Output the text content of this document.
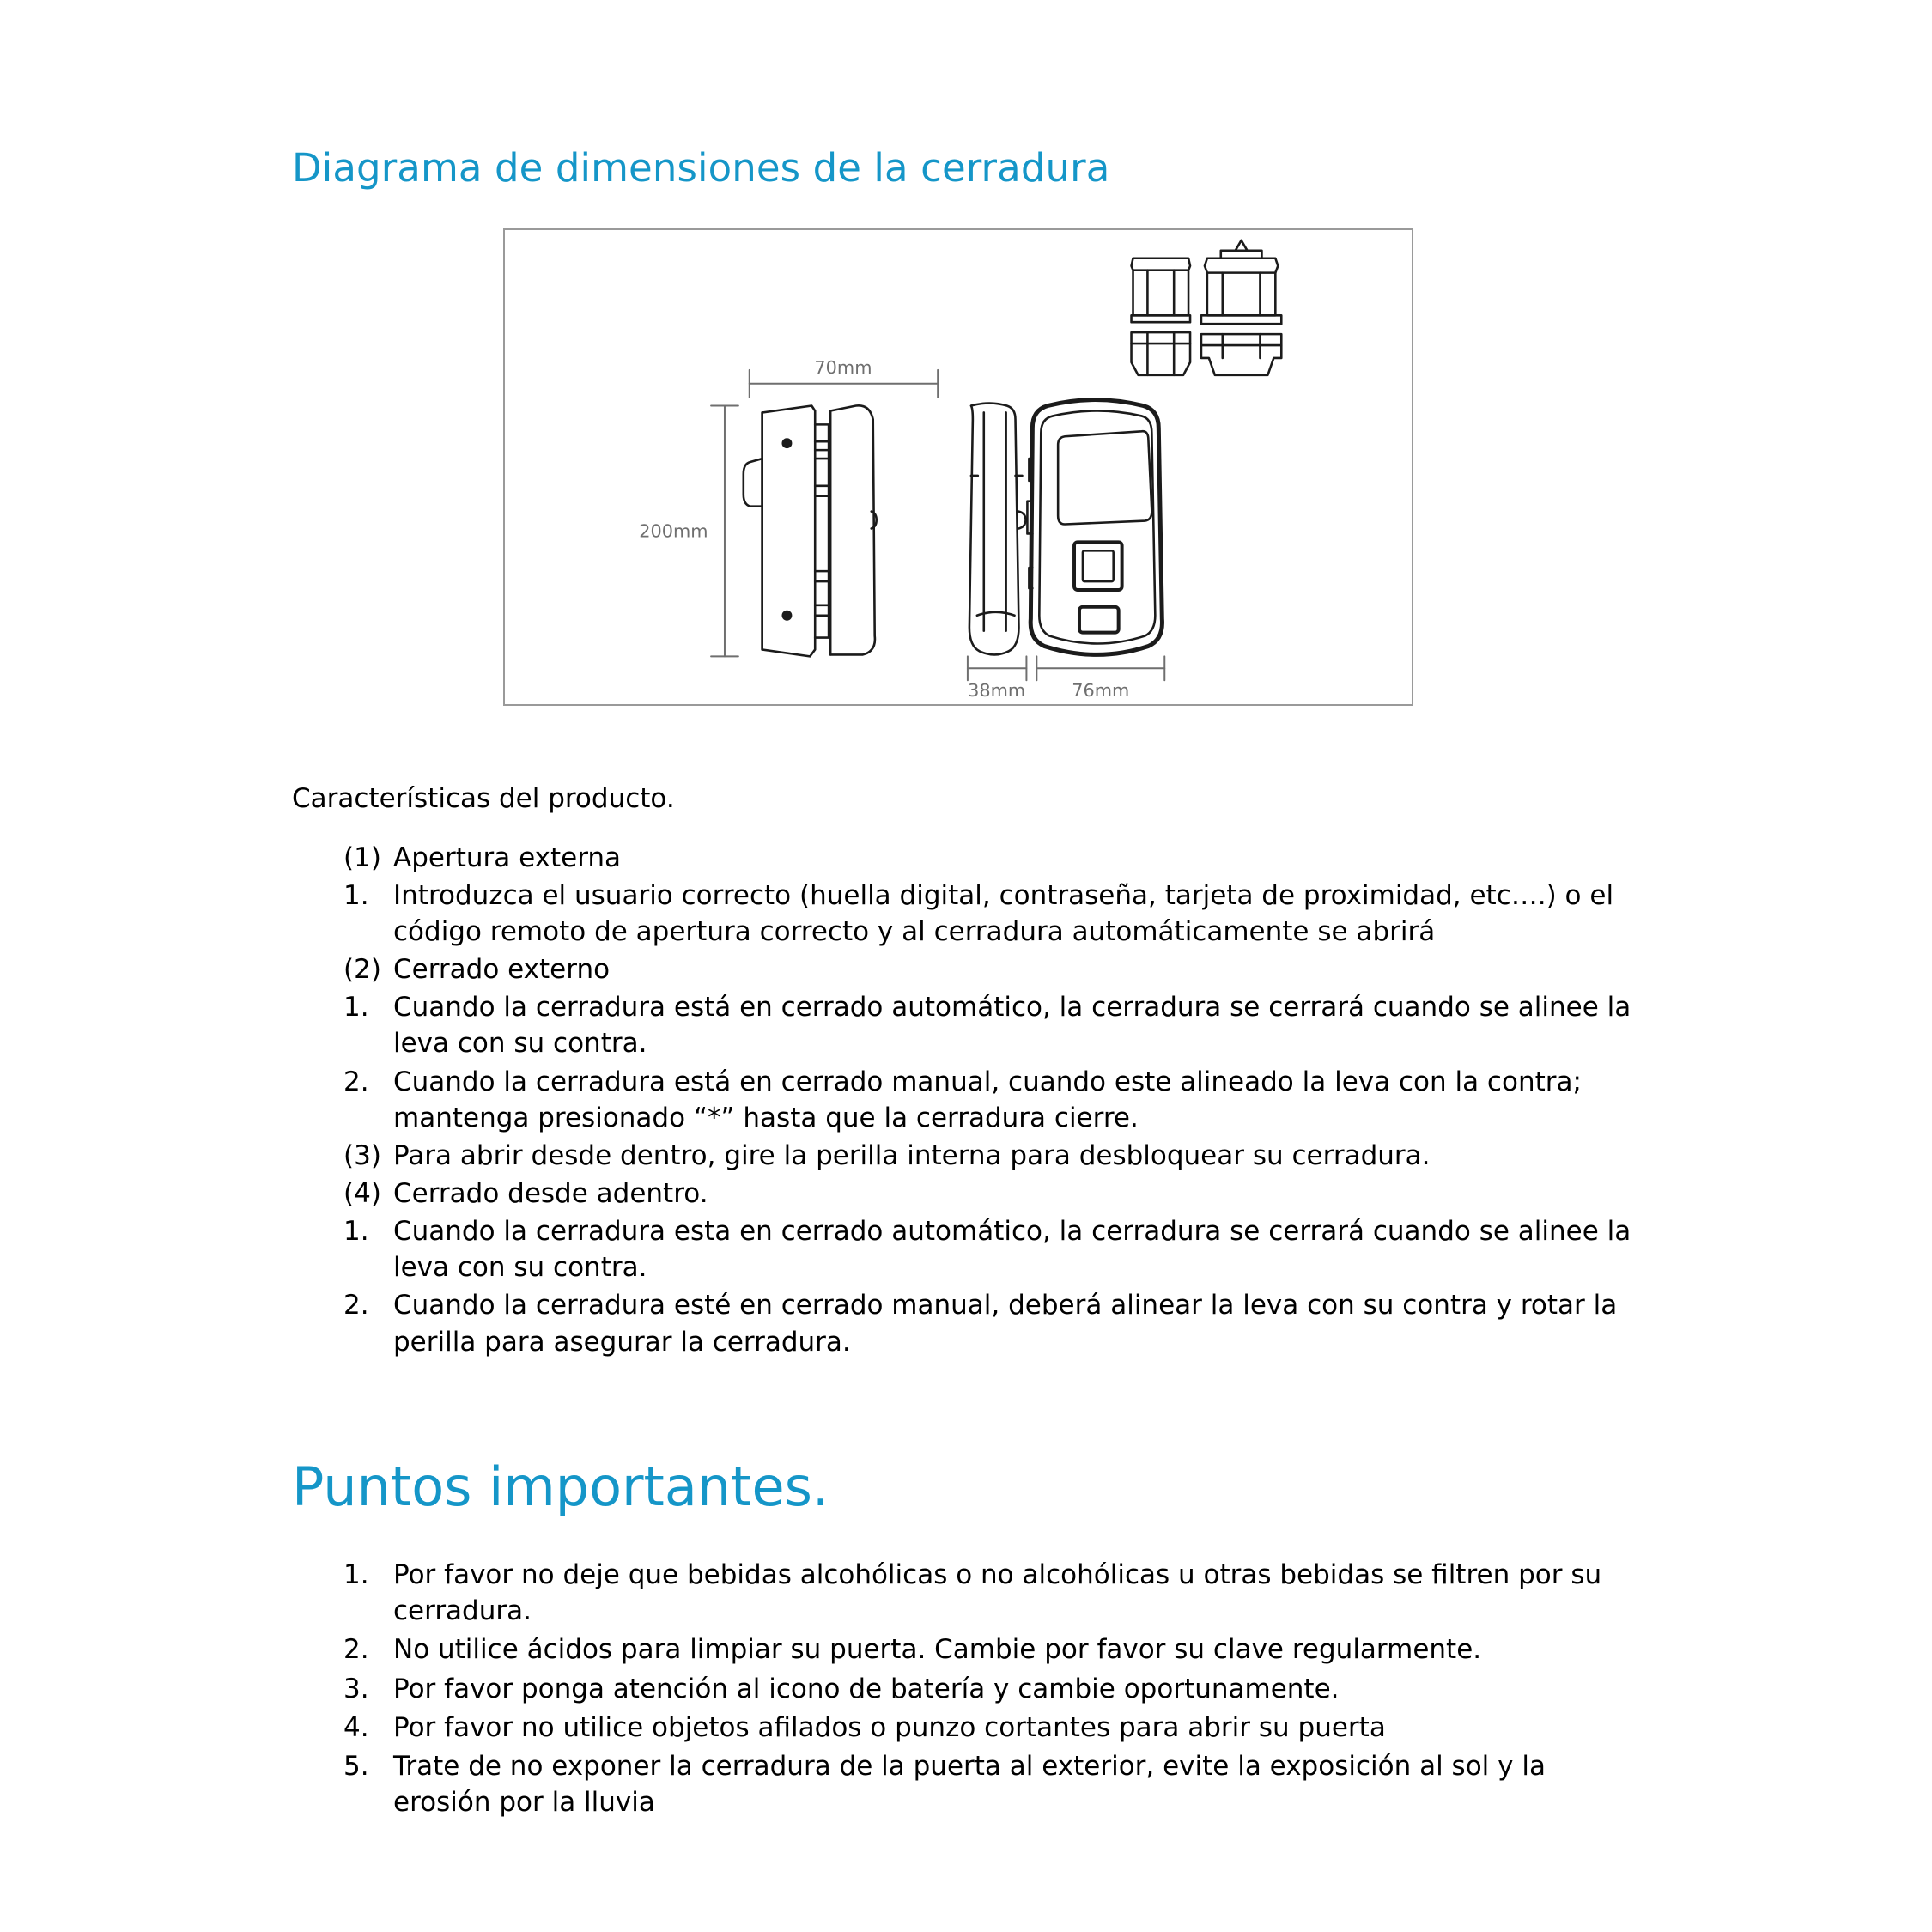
Diagrama de dimensiones de la cerradura
70mm
200mm
38mm	76mm

Características del producto.

(1) Apertura externa
1. Introduzca el usuario correcto (huella digital, contraseña, tarjeta de proximidad, etc….) o el código remoto de apertura correcto y al cerradura automáticamente se abrirá
(2) Cerrado externo
1. Cuando la cerradura está en cerrado automático, la cerradura se cerrará cuando se alinee la leva con su contra.
2. Cuando la cerradura está en cerrado manual, cuando este alineado la leva con la contra; mantenga presionado “*” hasta que la cerradura cierre.
(3) Para abrir desde dentro, gire la perilla interna para desbloquear su cerradura.
(4) Cerrado desde adentro.
1. Cuando la cerradura esta en cerrado automático, la cerradura se cerrará cuando se alinee la leva con su contra.
2. Cuando la cerradura esté en cerrado manual, deberá alinear la leva con su contra y rotar la perilla para asegurar la cerradura.
Puntos importantes.
1. Por favor no deje que bebidas alcohólicas o no alcohólicas u otras bebidas se filtren por su cerradura.
2. No utilice ácidos para limpiar su puerta. Cambie por favor su clave regularmente.
3. Por favor ponga atención al icono de batería y cambie oportunamente.
4. Por favor no utilice objetos afilados o punzo cortantes para abrir su puerta
5. Trate de no exponer la cerradura de la puerta al exterior, evite la exposición al sol y la erosión por la lluvia
